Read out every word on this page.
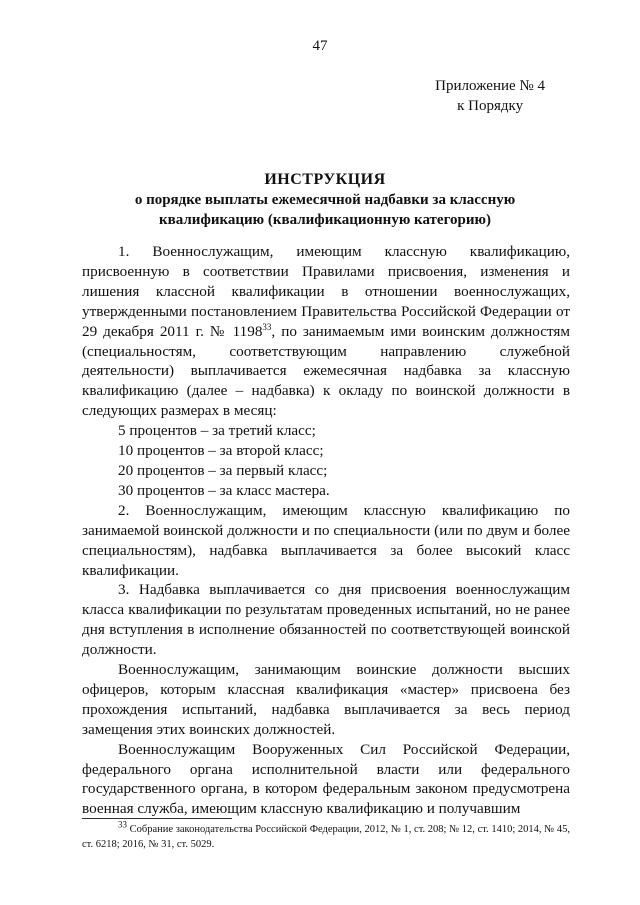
47
Приложение № 4
к Порядку
ИНСТРУКЦИЯ
о порядке выплаты ежемесячной надбавки за классную
квалификацию (квалификационную категорию)

1. Военнослужащим, имеющим классную квалификацию, присвоенную в соответствии Правилами присвоения, изменения и лишения классной квалификации в отношении военнослужащих, утвержденными постановлением Правительства Российской Федерации от 29 декабря 2011 г. № 1198$^{33}$, по занимаемым ими воинским должностям (специальностям, соответствующим направлению служебной деятельности) выплачивается ежемесячная надбавка за классную квалификацию (далее – надбавка) к окладу по воинской должности в следующих размерах в месяц:

5 процентов – за третий класс;

10 процентов – за второй класс;

20 процентов – за первый класс;

30 процентов – за класс мастера.

2. Военнослужащим, имеющим классную квалификацию по занимаемой воинской должности и по специальности (или по двум и более специальностям), надбавка выплачивается за более высокий класс квалификации.

3. Надбавка выплачивается со дня присвоения военнослужащим класса квалификации по результатам проведенных испытаний, но не ранее дня вступления в исполнение обязанностей по соответствующей воинской должности.

Военнослужащим, занимающим воинские должности высших офицеров, которым классная квалификация «мастер» присвоена без прохождения испытаний, надбавка выплачивается за весь период замещения этих воинских должностей.

Военнослужащим Вооруженных Сил Российской Федерации, федерального органа исполнительной власти или федерального государственного органа, в котором федеральным законом предусмотрена военная служба, имеющим классную квалификацию и получавшим

$^{33}$ Собрание законодательства Российской Федерации, 2012, № 1, ст. 208; № 12, ст. 1410; 2014, № 45, ст. 6218; 2016, № 31, ст. 5029.
